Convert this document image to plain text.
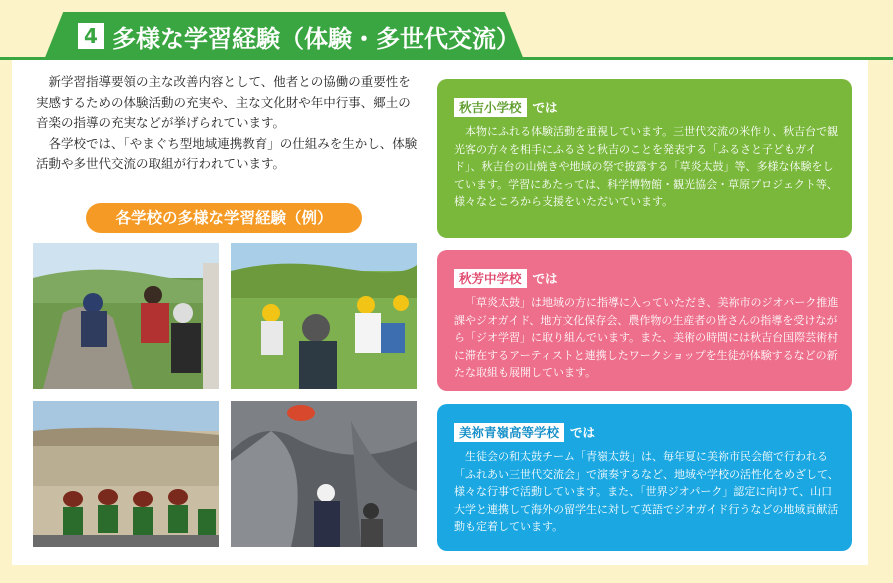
4 多様な学習経験（体験・多世代交流）

新学習指導要領の主な改善内容として、他者との協働の重要性を実感するための体験活動の充実や、主な文化財や年中行事、郷土の音楽の指導の充実などが挙げられています。

各学校では、「やまぐち型地域連携教育」の仕組みを生かし、体験活動や多世代交流の取組が行われています。

各学校の多様な学習経験（例）
秋吉小学校 では

本物にふれる体験活動を重視しています。三世代交流の米作り、秋吉台で観光客の方々を相手にふるさと秋吉のことを発表する「ふるさと子どもガイド」、秋吉台の山焼きや地域の祭で披露する「草炎太鼓」等、多様な体験をしています。学習にあたっては、科学博物館・観光協会・草原プロジェクト等、様々なところから支援をいただいています。

秋芳中学校 では

「草炎太鼓」は地域の方に指導に入っていただき、美祢市のジオパーク推進課やジオガイド、地方文化保存会、農作物の生産者の皆さんの指導を受けながら「ジオ学習」に取り組んでいます。また、美術の時間には秋吉台国際芸術村に滞在するアーティストと連携したワークショップを生徒が体験するなどの新たな取組も展開しています。

美祢青嶺高等学校 では

生徒会の和太鼓チーム「青嶺太鼓」は、毎年夏に美祢市民会館で行われる「ふれあい三世代交流会」で演奏するなど、地域や学校の活性化をめざして、様々な行事で活動しています。また、「世界ジオパーク」認定に向けて、山口大学と連携して海外の留学生に対して英語でジオガイド行うなどの地域貢献活動も定着しています。
